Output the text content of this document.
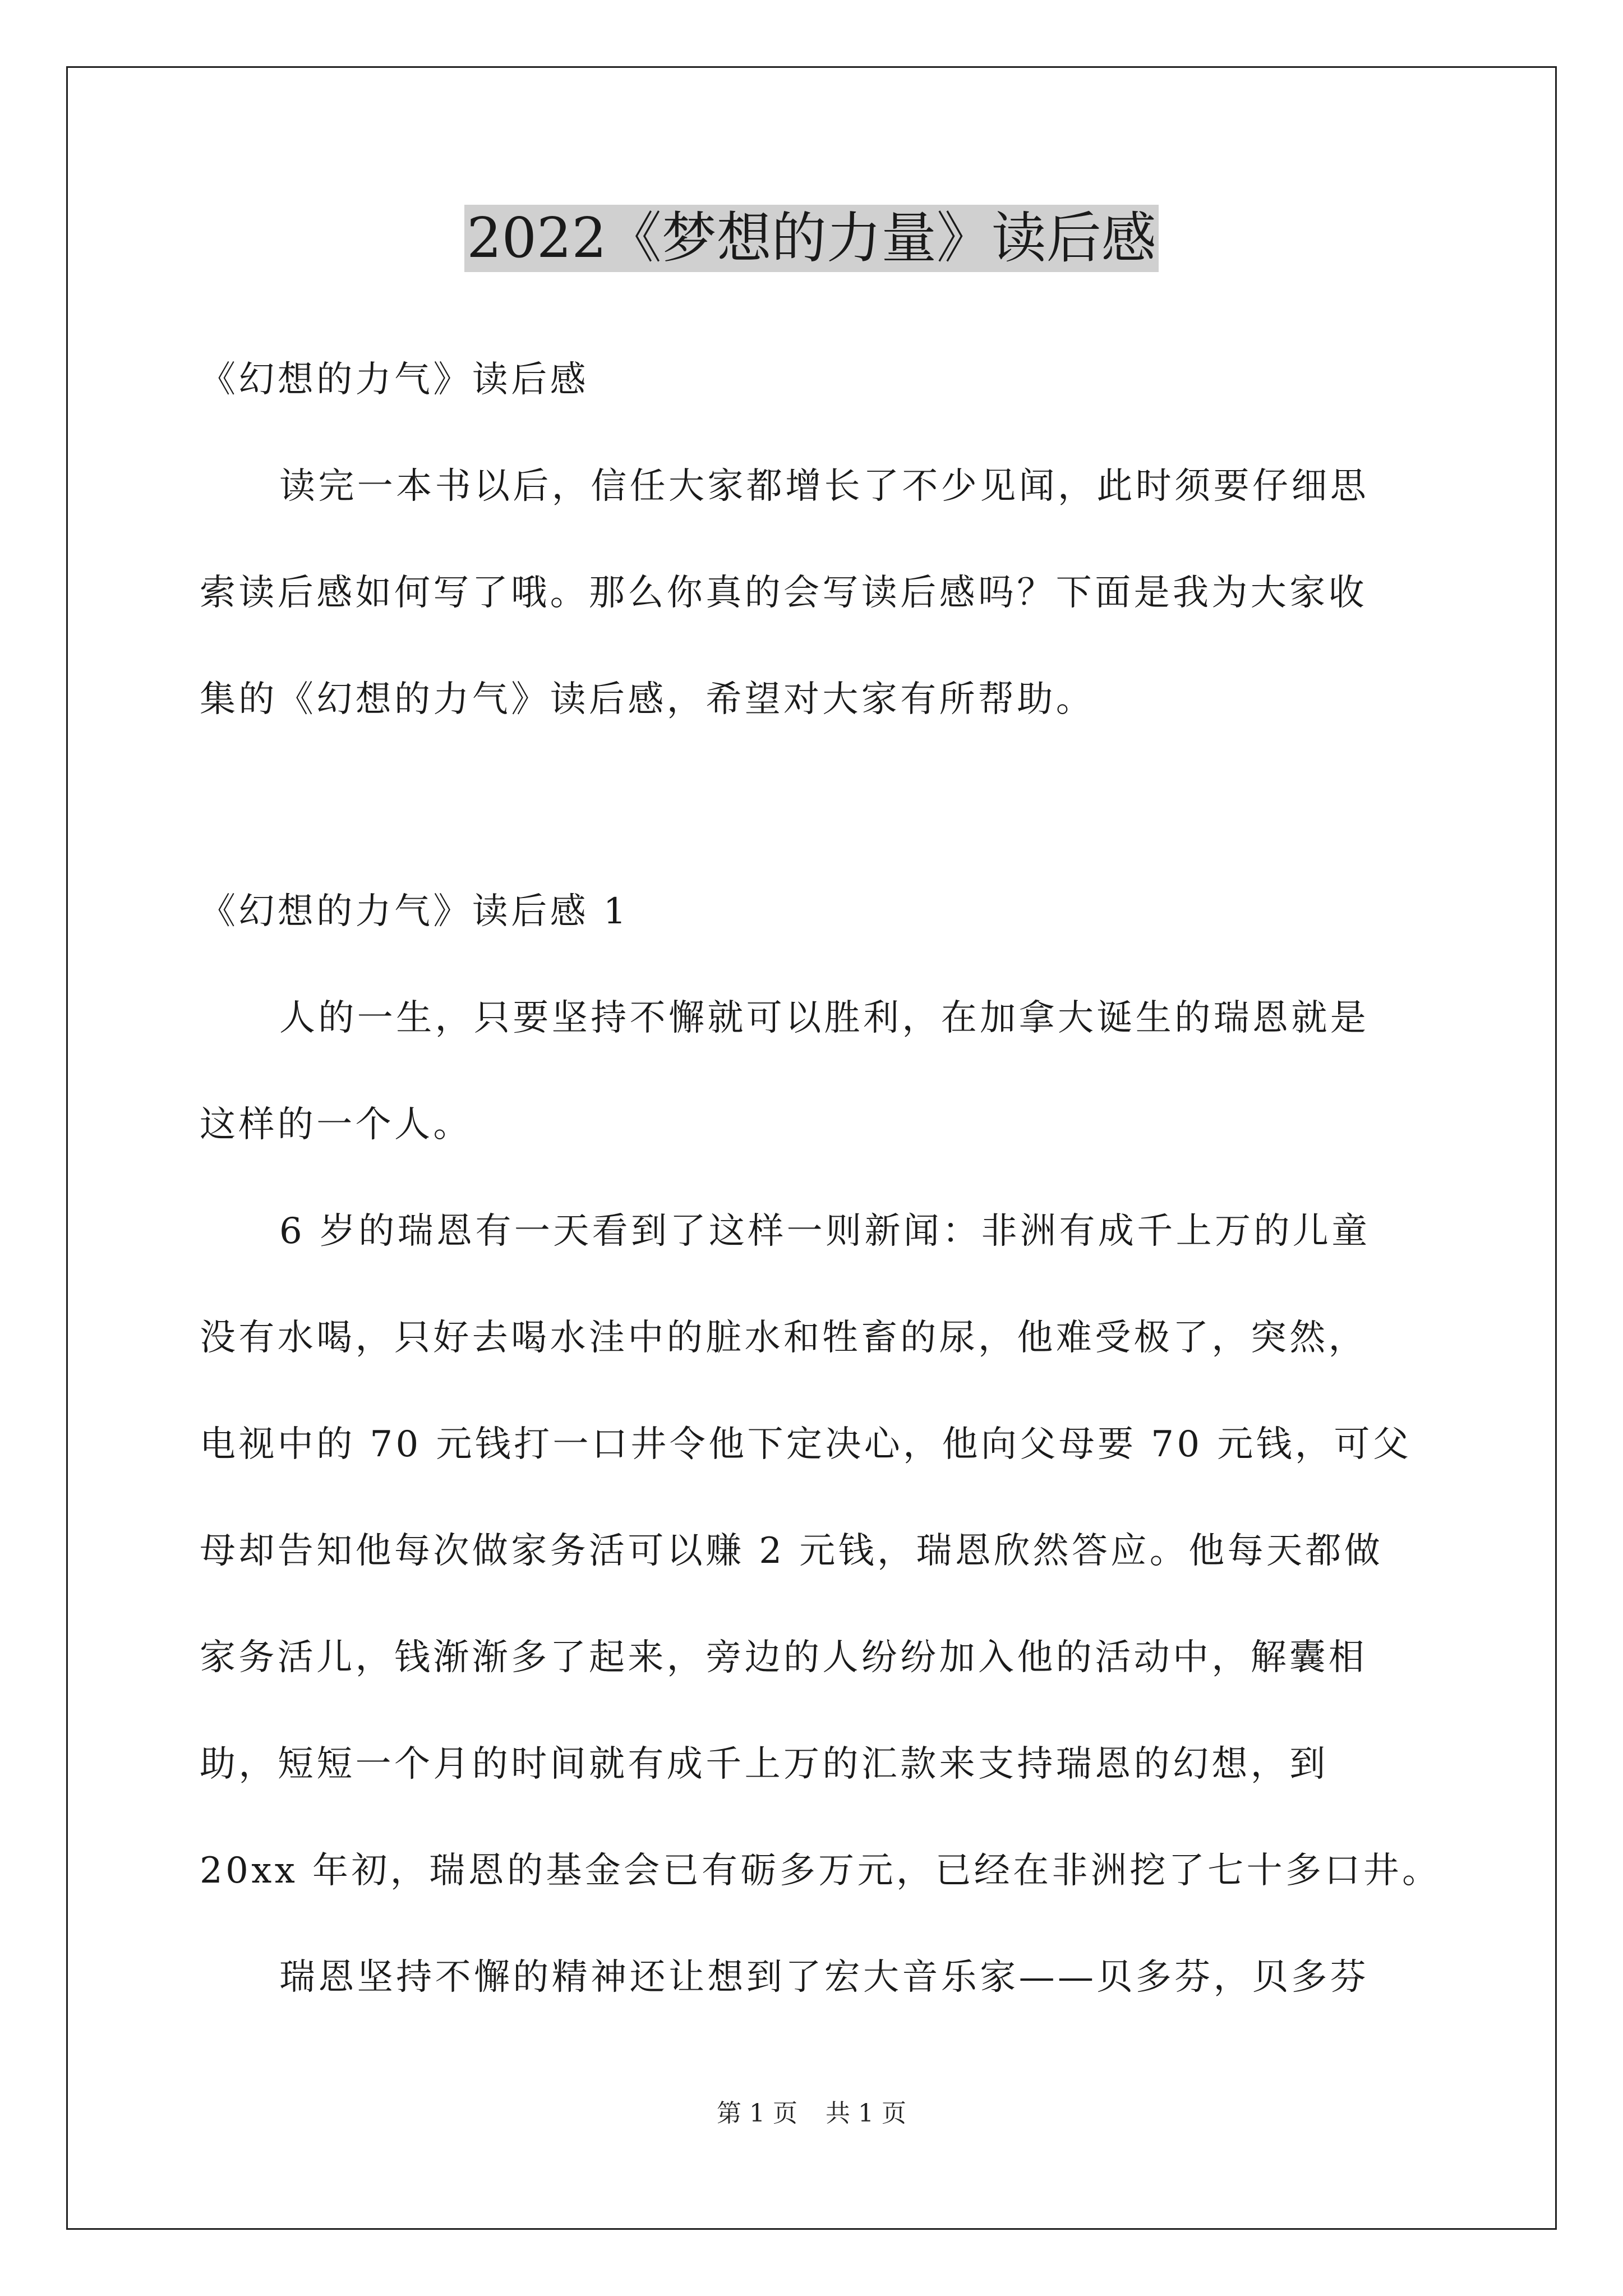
2022《梦想的力量》读后感
《幻想的力气》读后感
读完一本书以后，信任大家都增长了不少见闻，此时须要仔细思
索读后感如何写了哦。那么你真的会写读后感吗？下面是我为大家收
集的《幻想的力气》读后感，希望对大家有所帮助。
《幻想的力气》读后感 1
人的一生，只要坚持不懈就可以胜利，在加拿大诞生的瑞恩就是
这样的一个人。
6 岁的瑞恩有一天看到了这样一则新闻：非洲有成千上万的儿童
没有水喝，只好去喝水洼中的脏水和牲畜的尿，他难受极了，突然，
电视中的 70 元钱打一口井令他下定决心，他向父母要 70 元钱，可父
母却告知他每次做家务活可以赚 2 元钱，瑞恩欣然答应。他每天都做
家务活儿，钱渐渐多了起来，旁边的人纷纷加入他的活动中，解囊相
助，短短一个月的时间就有成千上万的汇款来支持瑞恩的幻想，到
20xx 年初，瑞恩的基金会已有砺多万元，已经在非洲挖了七十多口井。
瑞恩坚持不懈的精神还让想到了宏大音乐家——贝多芬，贝多芬
第 1 页 共 1 页
